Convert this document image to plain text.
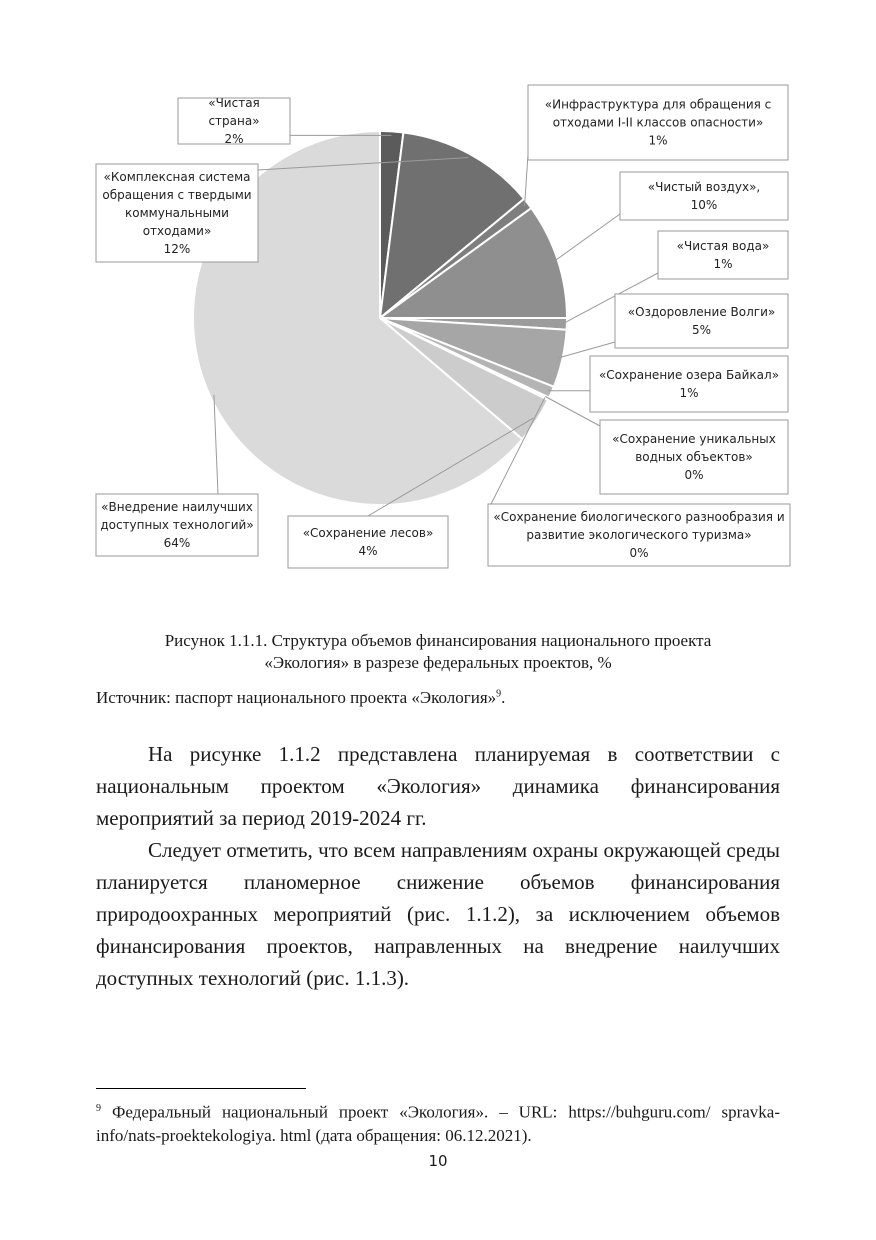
«Чистая страна» 2%
«Комплексная система обращения с твердыми коммунальными отходами» 12%
«Инфраструктура для обращения с отходами I-II классов опасности» 1%
«Чистый воздух», 10%
«Чистая вода» 1%
«Оздоровление Волги» 5%
«Сохранение озера Байкал» 1%
«Сохранение уникальных водных объектов» 0%
«Сохранение биологического разнообразия и развитие экологического туризма» 0%
«Сохранение лесов» 4%
«Внедрение наилучших доступных технологий» 64%
Рисунок 1.1.1. Структура объемов финансирования национального проекта
«Экология» в разрезе федеральных проектов, %
Источник: паспорт национального проекта «Экология»$^9$.

На рисунке 1.1.2 представлена планируемая в соответствии с национальным проектом «Экология» динамика финансирования мероприятий за период 2019-2024 гг.

Следует отметить, что всем направлениям охраны окружающей среды планируется планомерное снижение объемов финансирования природоохранных мероприятий (рис. 1.1.2), за исключением объемов финансирования проектов, направленных на внедрение наилучших доступных технологий (рис. 1.1.3).

$^9$ Федеральный национальный проект «Экология». – URL: https://buhguru.com/ spravka-info/nats-proektekologiya. html (дата обращения: 06.12.2021).
10
